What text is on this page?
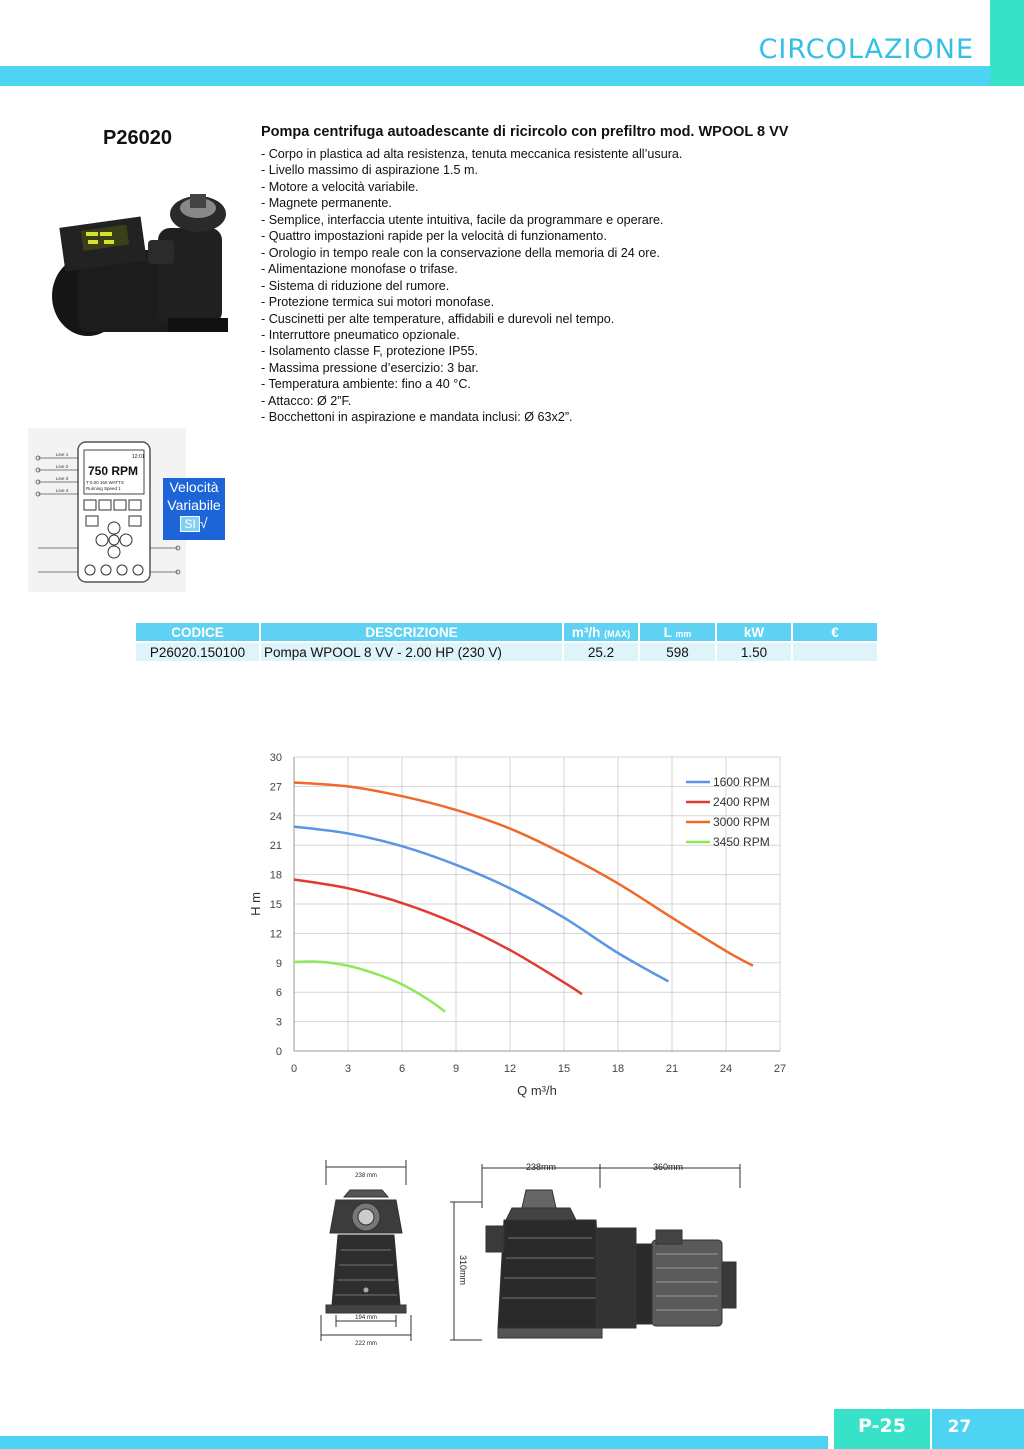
CIRCOLAZIONE
P26020	Pompa centrifuga autoadescante di ricircolo con prefiltro mod. WPOOL 8 VV
- Corpo in plastica ad alta resistenza, tenuta meccanica resistente all’usura.
- Livello massimo di aspirazione 1.5 m.
- Motore a velocità variabile.
- Magnete permanente.
- Semplice, interfaccia utente intuitiva, facile da programmare e operare.
- Quattro impostazioni rapide per la velocità di funzionamento.
- Orologio in tempo reale con la conservazione della memoria di 24 ore.
- Alimentazione monofase o trifase.
- Sistema di riduzione del rumore.
- Protezione termica sui motori monofase.
- Cuscinetti per alte temperature, affidabili e durevoli nel tempo.
- Interruttore pneumatico opzionale.
- Isolamento classe F, protezione IP55.
- Massima pressione d’esercizio: 3 bar.
- Temperatura ambiente: fino a 40 °C.
- Attacco: Ø 2”F.
- Bocchettoni in aspirazione e mandata inclusi: Ø 63x2”.
Line 1
Line 2
Line 3
Line 4
12:01
750 RPM
T 0.00 150 WATTS
Running Speed 1	Velocità
Variabile
SI √
CODICE	DESCRIZIONE	m³/h (MAX)	L mm	kW	€
P26020.150100	Pompa WPOOL 8 VV - 2.00 HP (230 V)	25.2	598	1.50	
0	3	6	9	12	15	18	21	24	27
0
3
6
9
12
15
18
21
24
27
30
Q m³/h
H m
1600 RPM
2400 RPM
3000 RPM
3450 RPM
238 mm
194 mm
222 mm
238mm	360mm
310mm
P-25	27
